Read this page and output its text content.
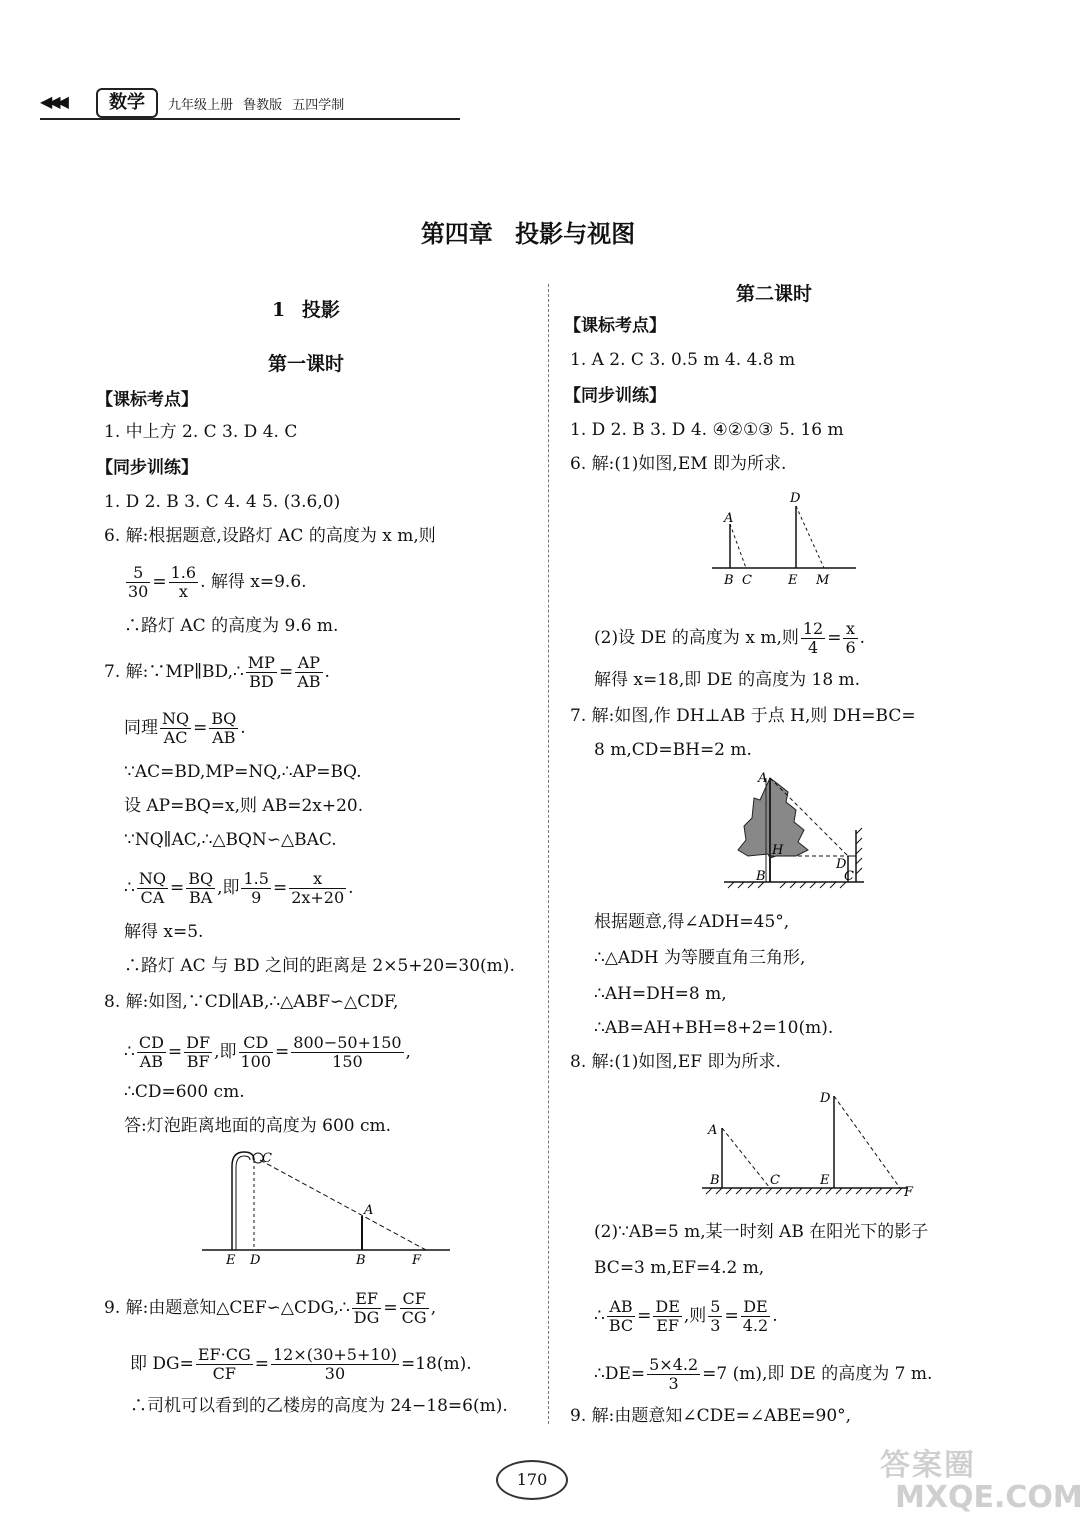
◀◀◀	数学	九年级上册 鲁教版 五四学制
第四章 投影与视图
1 投影
第一课时
【课标考点】
1. 中上方 2. C 3. D 4. C
【同步训练】
1. D 2. B 3. C 4. 4 5. (3.6,0)
6. 解:根据题意,设路灯 AC 的高度为 x m,则
$\frac{5}{30} = \frac{1.6}{x}$ . 解得 x=9.6.
∴路灯 AC 的高度为 9.6 m.
7. 解:∵MP∥BD,∴ $\frac{MP}{BD} = \frac{AP}{AB}$ .
同理 $\frac{NQ}{AC} = \frac{BQ}{AB}$ .
∵AC=BD,MP=NQ,∴AP=BQ.
设 AP=BQ=x,则 AB=2x+20.
∵NQ∥AC,∴△BQN∽△BAC.
∴ $\frac{NQ}{CA} = \frac{BQ}{BA}$ ,即 $\frac{1.5}{9} = \frac{x}{2x+20}$ .
解得 x=5.
∴路灯 AC 与 BD 之间的距离是 2×5+20=30(m).
8. 解:如图,∵CD∥AB,∴△ABF∽△CDF,
∴ $\frac{CD}{AB} = \frac{DF}{BF}$ ,即 $\frac{CD}{100} = \frac{800-50+150}{150}$ ,
∴CD=600 cm.
答:灯泡距离地面的高度为 600 cm.
C
A
E D	B	F
9. 解:由题意知△CEF∽△CDG,∴ $\frac{EF}{DG} = \frac{CF}{CG}$ ,
即 $DG= \frac{EF\cdot CG}{CF} = \frac{12\times(30+5+10)}{30} =18(m)$.
∴司机可以看到的乙楼房的高度为 24−18=6(m).
第二课时
【课标考点】
1. A 2. C 3. 0.5 m 4. 4.8 m
【同步训练】
1. D 2. B 3. D 4. ④②①③ 5. 16 m
6. 解:(1)如图,EM 即为所求.
A
D
B C	E M
(2)设 DE 的高度为 x m,则 $\frac{12}{4} = \frac{x}{6}$ .
解得 x=18,即 DE 的高度为 18 m.
7. 解:如图,作 DH⊥AB 于点 H,则 DH=BC=
8 m,CD=BH=2 m.
A
H
D
B	C
根据题意,得∠ADH=45°,
∴△ADH 为等腰直角三角形,
∴AH=DH=8 m,
∴AB=AH+BH=8+2=10(m).
8. 解:(1)如图,EF 即为所求.
A
D
B	C	E
F
(2)∵AB=5 m,某一时刻 AB 在阳光下的影子
BC=3 m,EF=4.2 m,
∴ $\frac{AB}{BC} = \frac{DE}{EF}$ ,则 $\frac{5}{3} = \frac{DE}{4.2}$ .
∴DE= $\frac{5\times 4.2}{3} =7$ (m),即 DE 的高度为 7 m.
9. 解:由题意知∠CDE=∠ABE=90°,
170	答案圈
MXQE.COM
